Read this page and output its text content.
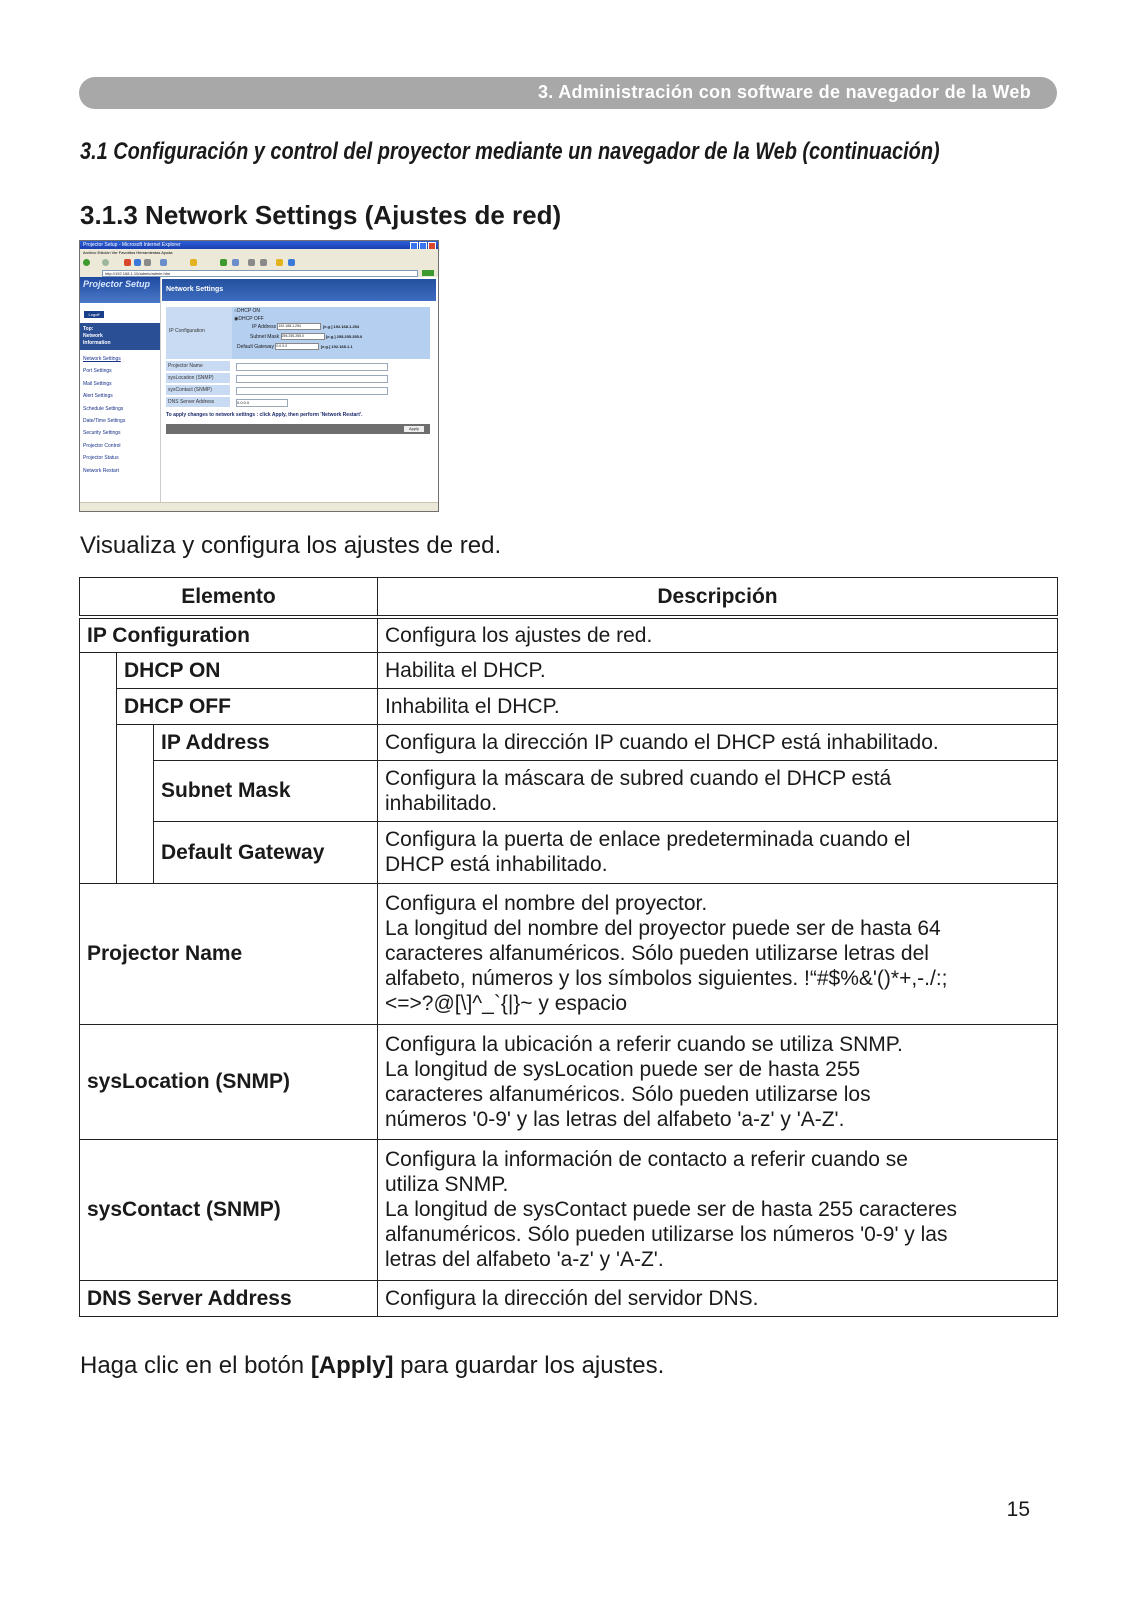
3. Administración con software de navegador de la Web
3.1 Configuración y control del proyector mediante un navegador de la Web (continuación)
3.1.3 Network Settings (Ajustes de red)
Projector Setup - Microsoft Internet Explorer
Archivo Edición Ver Favoritos Herramientas Ayuda
http://192.168.1.10/admin/admin.htm
Projector Setup
Logoff
Top:
Network
Information
Network Settings
Port Settings
Mail Settings
Alert Settings
Schedule Settings
Date/Time Settings
Security Settings
Projector Control
Projector Status
Network Restart
Network Settings
IP Configuration
○DHCP ON
◉DHCP OFF
IP Address 192.168.1.254	[e.g.] 192.168.1.254
Subnet Mask 255.255.255.0	[e.g.] 255.255.255.0
Default Gateway 0.0.0.0	[e.g.] 192.168.1.1
Projector Name
sysLocation (SNMP)
sysContact (SNMP)
DNS Server Address	0.0.0.0
To apply changes to network settings : click Apply, then perform 'Network Restart'.
Apply
Visualiza y configura los ajustes de red.
Elemento			Descripción
IP Configuration			Configura los ajustes de red.

	DHCP ON		Habilita el DHCP.

	DHCP OFF		Inhabilita el DHCP.

		IP Address	Configura la dirección IP cuando el DHCP está inhabilitado.

		Subnet Mask	Configura la máscara de subred cuando el DHCP está
inhabilitado.

		Default Gateway	Configura la puerta de enlace predeterminada cuando el
DHCP está inhabilitado.

Projector Name			Configura el nombre del proyector.
La longitud del nombre del proyector puede ser de hasta 64
caracteres alfanuméricos. Sólo pueden utilizarse letras del
alfabeto, números y los símbolos siguientes. !“#$%&'()*+,-./:;
<=>?@[\]^_`{|}~ y espacio

sysLocation (SNMP)			Configura la ubicación a referir cuando se utiliza SNMP.
La longitud de sysLocation puede ser de hasta 255
caracteres alfanuméricos. Sólo pueden utilizarse los
números '0-9' y las letras del alfabeto 'a-z' y 'A-Z'.

sysContact (SNMP)			Configura la información de contacto a referir cuando se
utiliza SNMP.
La longitud de sysContact puede ser de hasta 255 caracteres
alfanuméricos. Sólo pueden utilizarse los números '0-9' y las
letras del alfabeto 'a-z' y 'A-Z'.

DNS Server Address			Configura la dirección del servidor DNS.
Haga clic en el botón [Apply] para guardar los ajustes.
15
